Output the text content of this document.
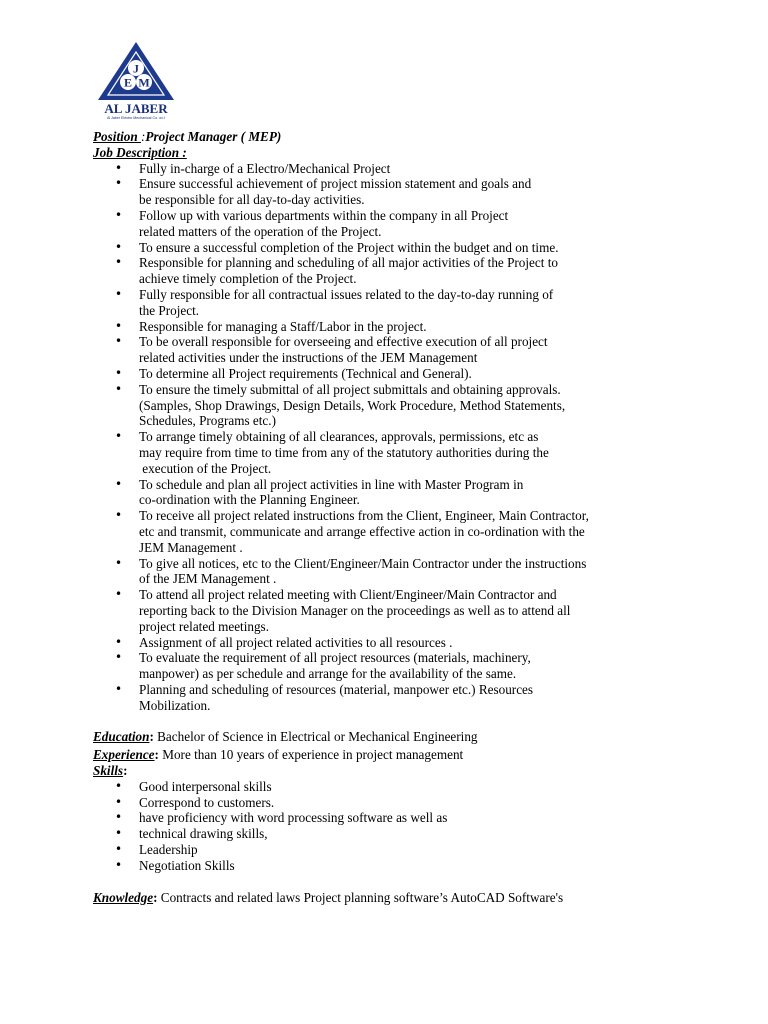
J
E M
AL JABER
Al Jaber Electro Mechanical Co. w.l.l
Position :Project Manager ( MEP)
Job Description :
• Fully in-charge of a Electro/Mechanical Project
• Ensure successful achievement of project mission statement and goals and
be responsible for all day-to-day activities.
• Follow up with various departments within the company in all Project
related matters of the operation of the Project.
• To ensure a successful completion of the Project within the budget and on time.
• Responsible for planning and scheduling of all major activities of the Project to
achieve timely completion of the Project.
• Fully responsible for all contractual issues related to the day-to-day running of
the Project.
• Responsible for managing a Staff/Labor in the project.
• To be overall responsible for overseeing and effective execution of all project
related activities under the instructions of the JEM Management
• To determine all Project requirements (Technical and General).
• To ensure the timely submittal of all project submittals and obtaining approvals.
(Samples, Shop Drawings, Design Details, Work Procedure, Method Statements,
Schedules, Programs etc.)
• To arrange timely obtaining of all clearances, approvals, permissions, etc as
may require from time to time from any of the statutory authorities during the
execution of the Project.
• To schedule and plan all project activities in line with Master Program in
co-ordination with the Planning Engineer.
• To receive all project related instructions from the Client, Engineer, Main Contractor,
etc and transmit, communicate and arrange effective action in co-ordination with the
JEM Management .
• To give all notices, etc to the Client/Engineer/Main Contractor under the instructions
of the JEM Management .
• To attend all project related meeting with Client/Engineer/Main Contractor and
reporting back to the Division Manager on the proceedings as well as to attend all
project related meetings.
• Assignment of all project related activities to all resources .
• To evaluate the requirement of all project resources (materials, machinery,
manpower) as per schedule and arrange for the availability of the same.
• Planning and scheduling of resources (material, manpower etc.) Resources
Mobilization.
Education: Bachelor of Science in Electrical or Mechanical Engineering
Experience: More than 10 years of experience in project management
Skills:
• Good interpersonal skills
• Correspond to customers.
• have proficiency with word processing software as well as
• technical drawing skills,
• Leadership
• Negotiation Skills
Knowledge: Contracts and related laws Project planning software’s AutoCAD Software's
